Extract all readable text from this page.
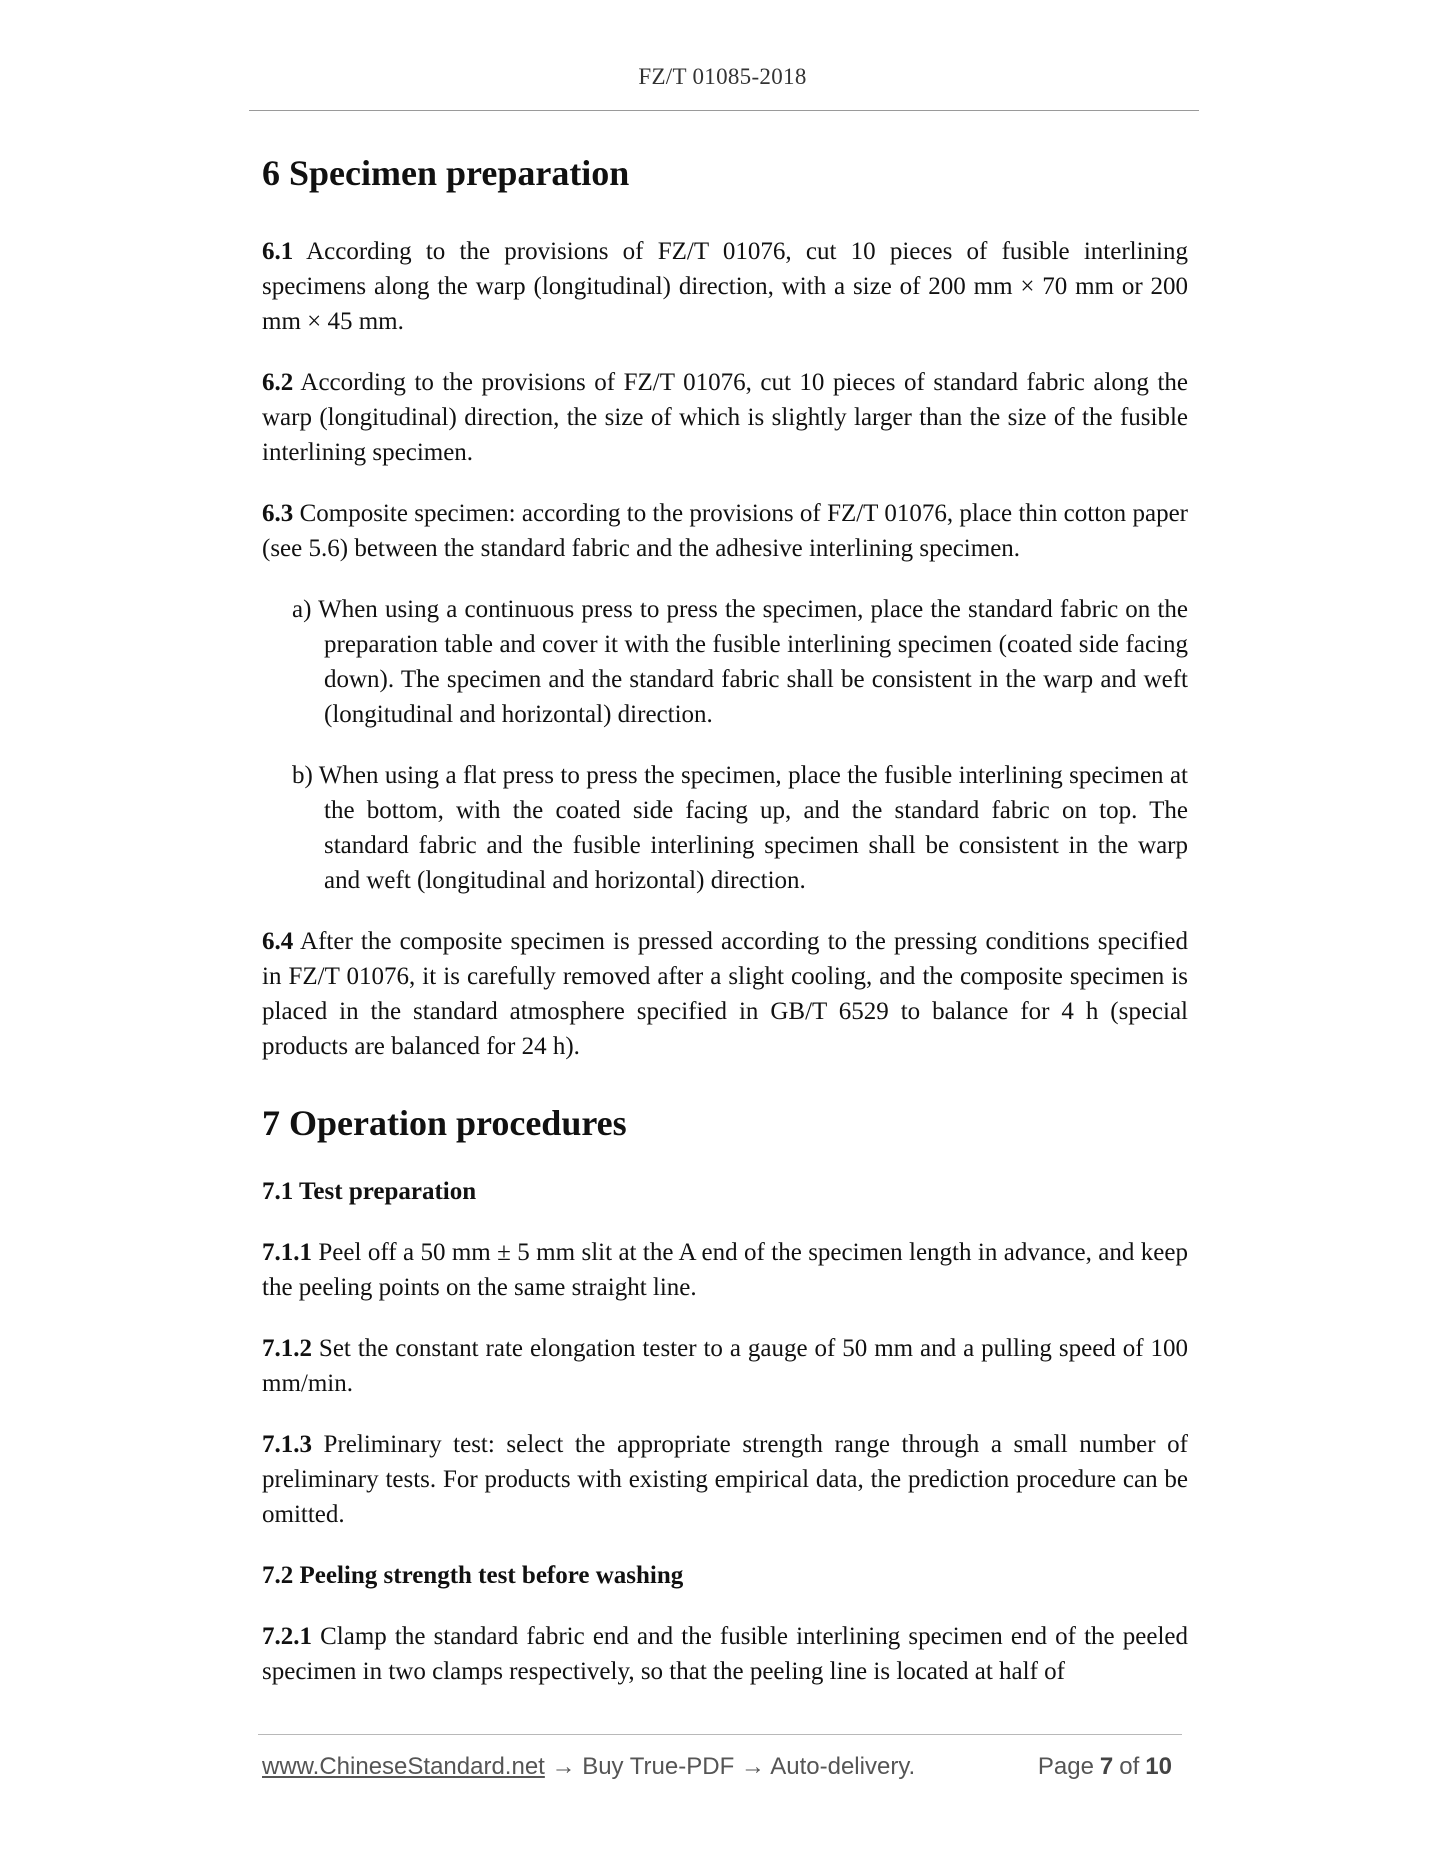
FZ/T 01085-2018
6 Specimen preparation

6.1 According to the provisions of FZ/T 01076, cut 10 pieces of fusible interlining specimens along the warp (longitudinal) direction, with a size of 200 mm × 70 mm or 200 mm × 45 mm.

6.2 According to the provisions of FZ/T 01076, cut 10 pieces of standard fabric along the warp (longitudinal) direction, the size of which is slightly larger than the size of the fusible interlining specimen.

6.3 Composite specimen: according to the provisions of FZ/T 01076, place thin cotton paper (see 5.6) between the standard fabric and the adhesive interlining specimen.

a) When using a continuous press to press the specimen, place the standard fabric on the preparation table and cover it with the fusible interlining specimen (coated side facing down). The specimen and the standard fabric shall be consistent in the warp and weft (longitudinal and horizontal) direction.

b) When using a flat press to press the specimen, place the fusible interlining specimen at the bottom, with the coated side facing up, and the standard fabric on top. The standard fabric and the fusible interlining specimen shall be consistent in the warp and weft (longitudinal and horizontal) direction.

6.4 After the composite specimen is pressed according to the pressing conditions specified in FZ/T 01076, it is carefully removed after a slight cooling, and the composite specimen is placed in the standard atmosphere specified in GB/T 6529 to balance for 4 h (special products are balanced for 24 h).

7 Operation procedures
7.1 Test preparation

7.1.1 Peel off a 50 mm ± 5 mm slit at the A end of the specimen length in advance, and keep the peeling points on the same straight line.

7.1.2 Set the constant rate elongation tester to a gauge of 50 mm and a pulling speed of 100 mm/min.

7.1.3 Preliminary test: select the appropriate strength range through a small number of preliminary tests. For products with existing empirical data, the prediction procedure can be omitted.

7.2 Peeling strength test before washing

7.2.1 Clamp the standard fabric end and the fusible interlining specimen end of the peeled specimen in two clamps respectively, so that the peeling line is located at half of

www.ChineseStandard.net → Buy True-PDF → Auto-delivery.	Page 7 of 10
